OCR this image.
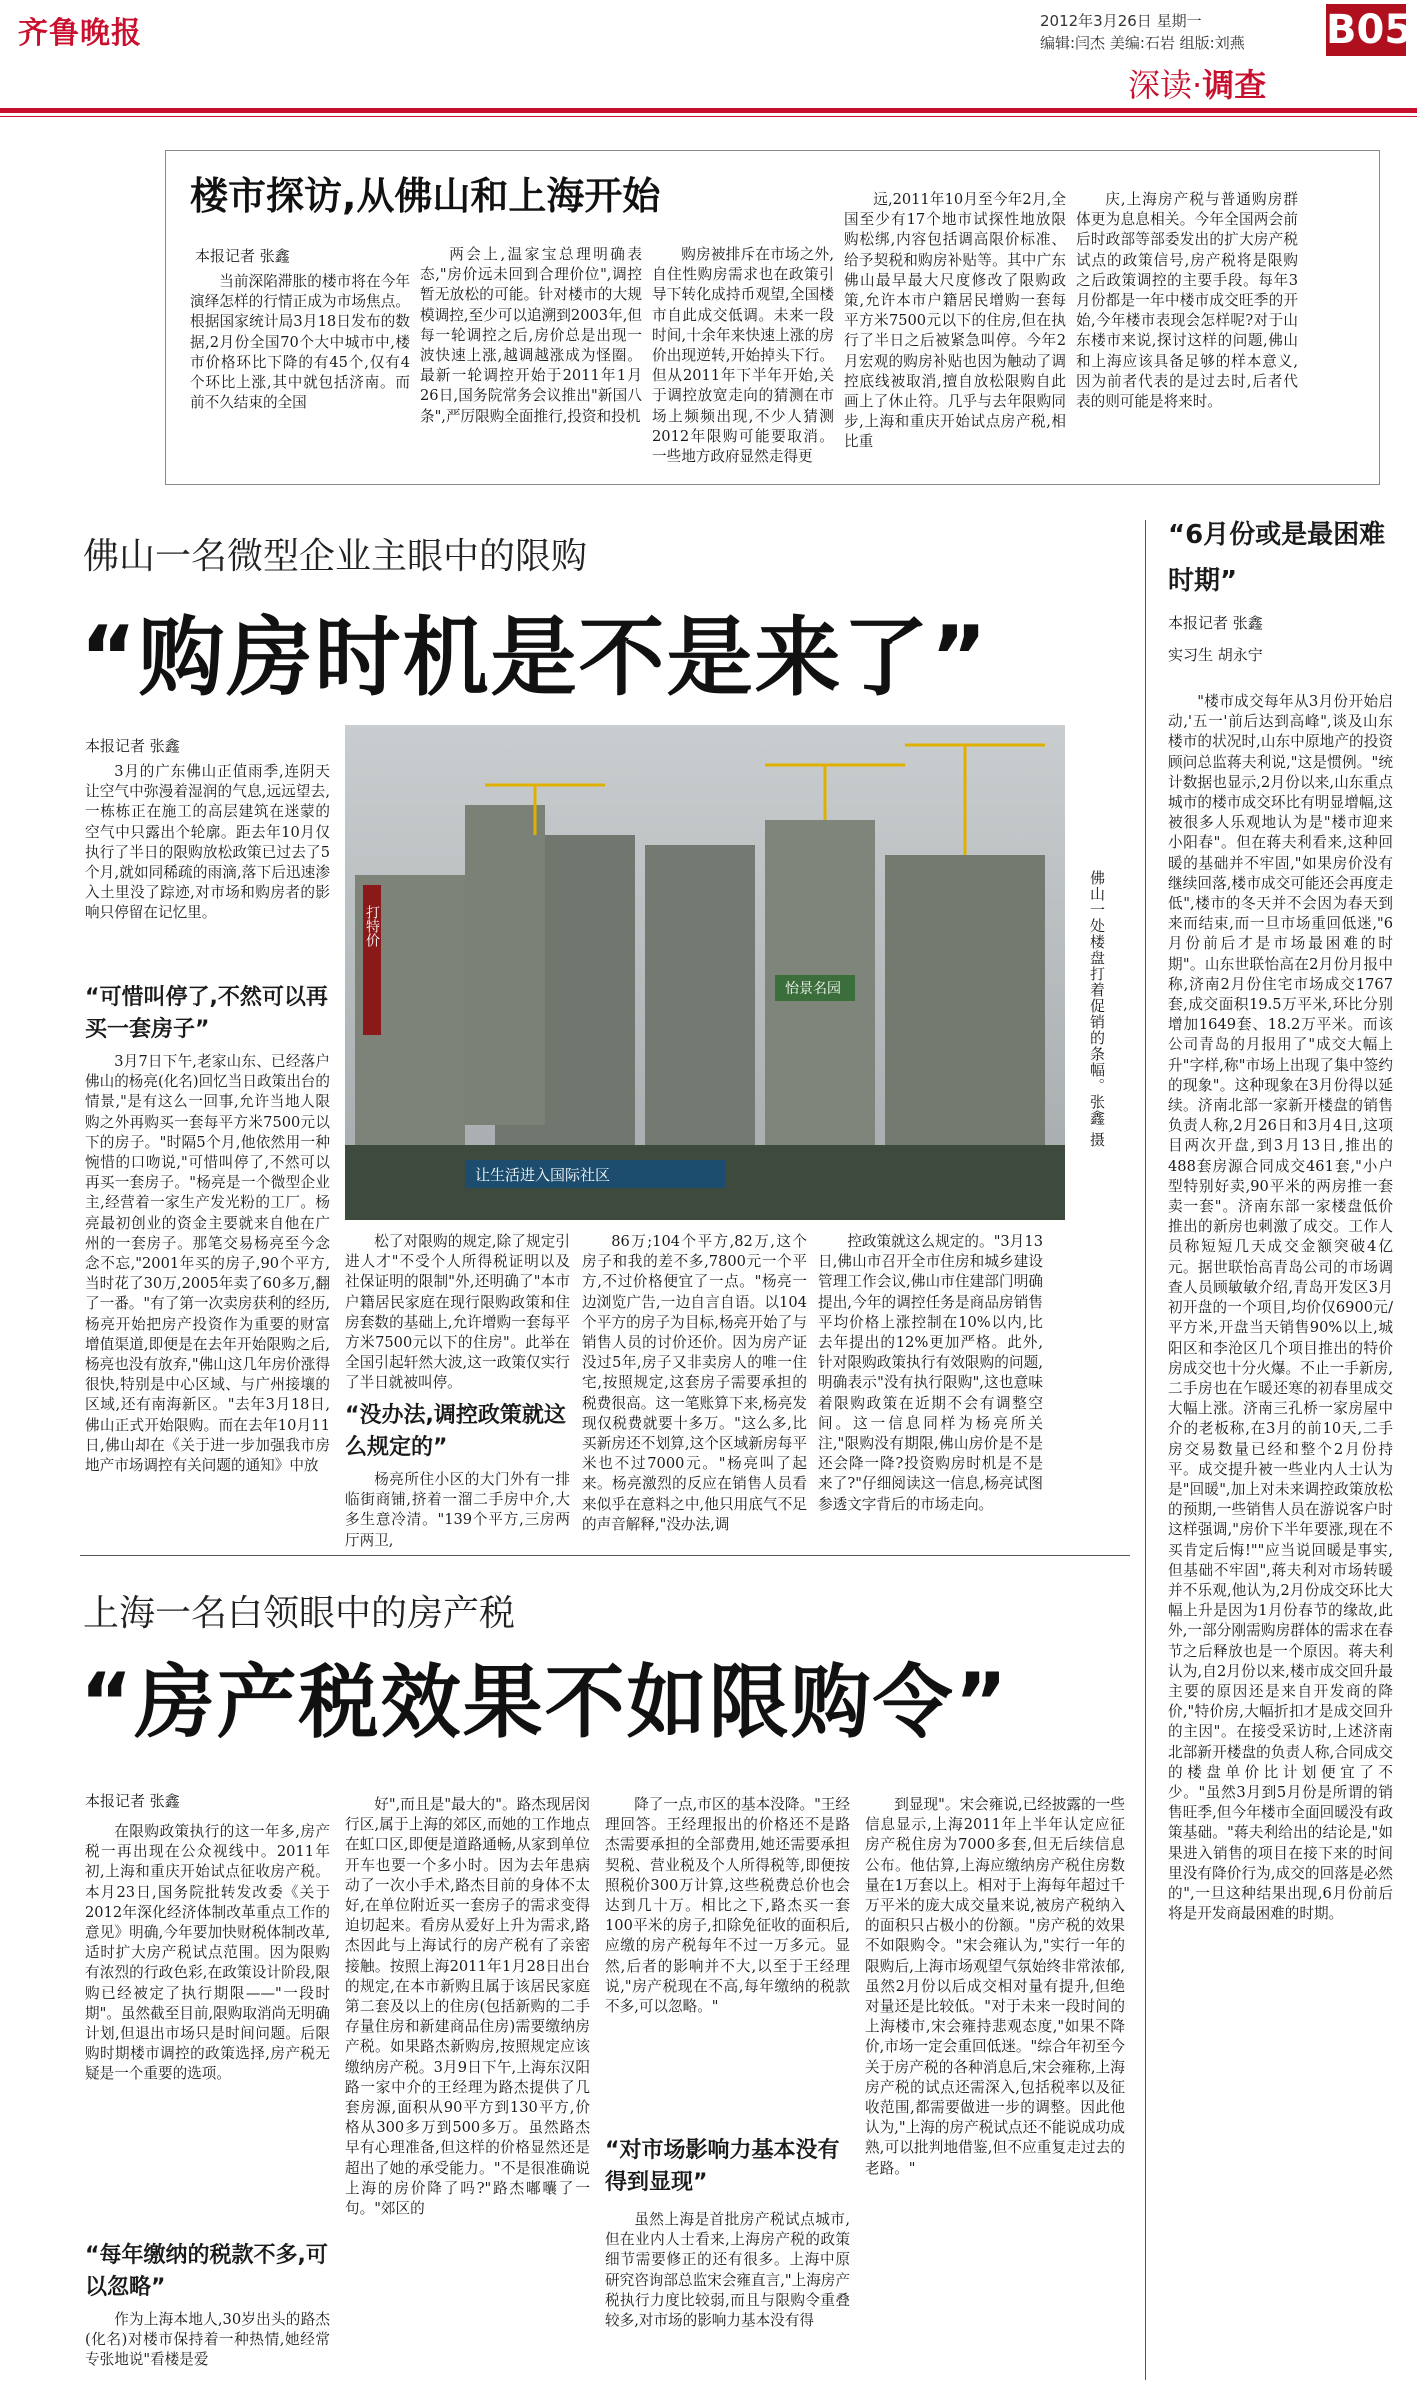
齐鲁晚报	2012年3月26日 星期一
编辑:闫杰 美编:石岩 组版:刘燕 B05
深读·调查
楼市探访,从佛山和上海开始
本报记者 张鑫

当前深陷滞胀的楼市将在今年演绎怎样的行情正成为市场焦点。根据国家统计局3月18日发布的数据,2月份全国70个大中城市中,楼市价格环比下降的有45个,仅有4个环比上涨,其中就包括济南。而前不久结束的全国

两会上,温家宝总理明确表态,"房价远未回到合理价位",调控暂无放松的可能。针对楼市的大规模调控,至少可以追溯到2003年,但每一轮调控之后,房价总是出现一波快速上涨,越调越涨成为怪圈。最新一轮调控开始于2011年1月26日,国务院常务会议推出"新国八条",严厉限购全面推行,投资和投机

购房被排斥在市场之外,自住性购房需求也在政策引导下转化成持币观望,全国楼市自此成交低调。未来一段时间,十余年来快速上涨的房价出现逆转,开始掉头下行。但从2011年下半年开始,关于调控放宽走向的猜测在市场上频频出现,不少人猜测2012年限购可能要取消。一些地方政府显然走得更

远,2011年10月至今年2月,全国至少有17个地市试探性地放限购松绑,内容包括调高限价标准、给予契税和购房补贴等。其中广东佛山最早最大尺度修改了限购政策,允许本市户籍居民增购一套每平方米7500元以下的住房,但在执行了半日之后被紧急叫停。今年2月宏观的购房补贴也因为触动了调控底线被取消,擅自放松限购自此画上了休止符。几乎与去年限购同步,上海和重庆开始试点房产税,相比重

庆,上海房产税与普通购房群体更为息息相关。今年全国两会前后时政部等部委发出的扩大房产税试点的政策信号,房产税将是限购之后政策调控的主要手段。每年3月份都是一年中楼市成交旺季的开始,今年楼市表现会怎样呢?对于山东楼市来说,探讨这样的问题,佛山和上海应该具备足够的样本意义,因为前者代表的是过去时,后者代表的则可能是将来时。

佛山一名微型企业主眼中的限购
“购房时机是不是来了”
本报记者 张鑫

3月的广东佛山正值雨季,连阴天让空气中弥漫着湿润的气息,远远望去,一栋栋正在施工的高层建筑在迷蒙的空气中只露出个轮廓。距去年10月仅执行了半日的限购放松政策已过去了5个月,就如同稀疏的雨滴,落下后迅速渗入土里没了踪迹,对市场和购房者的影响只停留在记忆里。

“可惜叫停了,不然可以再买一套房子”

3月7日下午,老家山东、已经落户佛山的杨亮(化名)回忆当日政策出台的情景,"是有这么一回事,允许当地人限购之外再购买一套每平方米7500元以下的房子。"时隔5个月,他依然用一种惋惜的口吻说,"可惜叫停了,不然可以再买一套房子。"杨亮是一个微型企业主,经营着一家生产发光粉的工厂。杨亮最初创业的资金主要就来自他在广州的一套房子。那笔交易杨亮至今念念不忘,"2001年买的房子,90个平方,当时花了30万,2005年卖了60多万,翻了一番。"有了第一次卖房获利的经历,杨亮开始把房产投资作为重要的财富增值渠道,即便是在去年开始限购之后,杨亮也没有放弃,"佛山这几年房价涨得很快,特别是中心区域、与广州接壤的区域,还有南海新区。"去年3月18日,佛山正式开始限购。而在去年10月11日,佛山却在《关于进一步加强我市房地产市场调控有关问题的通知》中放

打特价
怡景名园
让生活进入国际社区
佛山一处楼盘打着促销的条幅。张鑫 摄

松了对限购的规定,除了规定引进人才"不受个人所得税证明以及社保证明的限制"外,还明确了"本市户籍居民家庭在现行限购政策和住房套数的基础上,允许增购一套每平方米7500元以下的住房"。此举在全国引起轩然大波,这一政策仅实行了半日就被叫停。

“没办法,调控政策就这么规定的”

杨亮所住小区的大门外有一排临街商铺,挤着一溜二手房中介,大多生意冷清。"139个平方,三房两厅两卫,

86万;104个平方,82万,这个房子和我的差不多,7800元一个平方,不过价格便宜了一点。"杨亮一边浏览广告,一边自言自语。以104个平方的房子为目标,杨亮开始了与销售人员的讨价还价。因为房产证没过5年,房子又非卖房人的唯一住宅,按照规定,这套房子需要承担的税费很高。这一笔账算下来,杨亮发现仅税费就要十多万。"这么多,比买新房还不划算,这个区域新房每平米也不过7000元。"杨亮叫了起来。杨亮激烈的反应在销售人员看来似乎在意料之中,他只用底气不足的声音解释,"没办法,调

控政策就这么规定的。"3月13日,佛山市召开全市住房和城乡建设管理工作会议,佛山市住建部门明确提出,今年的调控任务是商品房销售平均价格上涨控制在10%以内,比去年提出的12%更加严格。此外,针对限购政策执行有效限购的问题,明确表示"没有执行限购",这也意味着限购政策在近期不会有调整空间。这一信息同样为杨亮所关注,"限购没有期限,佛山房价是不是还会降一降?投资购房时机是不是来了?"仔细阅读这一信息,杨亮试图参透文字背后的市场走向。

“6月份或是最困难时期”
本报记者 张鑫
实习生 胡永宁

"楼市成交每年从3月份开始启动,'五一'前后达到高峰",谈及山东楼市的状况时,山东中原地产的投资顾问总监蒋夫利说,"这是惯例。"统计数据也显示,2月份以来,山东重点城市的楼市成交环比有明显增幅,这被很多人乐观地认为是"楼市迎来小阳春"。但在蒋夫利看来,这种回暖的基础并不牢固,"如果房价没有继续回落,楼市成交可能还会再度走低",楼市的冬天并不会因为春天到来而结束,而一旦市场重回低迷,"6月份前后才是市场最困难的时期"。山东世联怡高在2月份月报中称,济南2月份住宅市场成交1767套,成交面积19.5万平米,环比分别增加1649套、18.2万平米。而该公司青岛的月报用了"成交大幅上升"字样,称"市场上出现了集中签约的现象"。这种现象在3月份得以延续。济南北部一家新开楼盘的销售负责人称,2月26日和3月4日,这项目两次开盘,到3月13日,推出的488套房源合同成交461套,"小户型特别好卖,90平米的两房推一套卖一套"。济南东部一家楼盘低价推出的新房也刺激了成交。工作人员称短短几天成交金额突破4亿元。据世联怡高青岛公司的市场调查人员顾敏敏介绍,青岛开发区3月初开盘的一个项目,均价仅6900元/平方米,开盘当天销售90%以上,城阳区和李沧区几个项目推出的特价房成交也十分火爆。不止一手新房,二手房也在乍暖还寒的初春里成交大幅上涨。济南三孔桥一家房屋中介的老板称,在3月的前10天,二手房交易数量已经和整个2月份持平。成交提升被一些业内人士认为是"回暖",加上对未来调控政策放松的预期,一些销售人员在游说客户时这样强调,"房价下半年要涨,现在不买肯定后悔!""应当说回暖是事实,但基础不牢固",蒋夫利对市场转暖并不乐观,他认为,2月份成交环比大幅上升是因为1月份春节的缘故,此外,一部分刚需购房群体的需求在春节之后释放也是一个原因。蒋夫利认为,自2月份以来,楼市成交回升最主要的原因还是来自开发商的降价,"特价房,大幅折扣才是成交回升的主因"。在接受采访时,上述济南北部新开楼盘的负责人称,合同成交的楼盘单价比计划便宜了不少。"虽然3月到5月份是所谓的销售旺季,但今年楼市全面回暖没有政策基础。"蒋夫利给出的结论是,"如果进入销售的项目在接下来的时间里没有降价行为,成交的回落是必然的",一旦这种结果出现,6月份前后将是开发商最困难的时期。

上海一名白领眼中的房产税
“房产税效果不如限购令”
本报记者 张鑫

在限购政策执行的这一年多,房产税一再出现在公众视线中。2011年初,上海和重庆开始试点征收房产税。本月23日,国务院批转发改委《关于2012年深化经济体制改革重点工作的意见》明确,今年要加快财税体制改革,适时扩大房产税试点范围。因为限购有浓烈的行政色彩,在政策设计阶段,限购已经被定了执行期限——"一段时期"。虽然截至目前,限购取消尚无明确计划,但退出市场只是时间问题。后限购时期楼市调控的政策选择,房产税无疑是一个重要的选项。

“每年缴纳的税款不多,可以忽略”

作为上海本地人,30岁出头的路杰(化名)对楼市保持着一种热情,她经常专张地说"看楼是爱

好",而且是"最大的"。路杰现居闵行区,属于上海的郊区,而她的工作地点在虹口区,即便是道路通畅,从家到单位开车也要一个多小时。因为去年患病动了一次小手术,路杰目前的身体不太好,在单位附近买一套房子的需求变得迫切起来。看房从爱好上升为需求,路杰因此与上海试行的房产税有了亲密接触。按照上海2011年1月28日出台的规定,在本市新购且属于该居民家庭第二套及以上的住房(包括新购的二手存量住房和新建商品住房)需要缴纳房产税。如果路杰新购房,按照规定应该缴纳房产税。3月9日下午,上海东汉阳路一家中介的王经理为路杰提供了几套房源,面积从90平方到130平方,价格从300多万到500多万。虽然路杰早有心理准备,但这样的价格显然还是超出了她的承受能力。"不是很准确说上海的房价降了吗?"路杰嘟囔了一句。"郊区的

降了一点,市区的基本没降。"王经理回答。王经理报出的价格还不是路杰需要承担的全部费用,她还需要承担契税、营业税及个人所得税等,即便按照税价300万计算,这些税费总价也会达到几十万。相比之下,路杰买一套100平米的房子,扣除免征收的面积后,应缴的房产税每年不过一万多元。显然,后者的影响并不大,以至于王经理说,"房产税现在不高,每年缴纳的税款不多,可以忽略。"

“对市场影响力基本没有得到显现”

虽然上海是首批房产税试点城市,但在业内人士看来,上海房产税的政策细节需要修正的还有很多。上海中原研究咨询部总监宋会雍直言,"上海房产税执行力度比较弱,而且与限购令重叠较多,对市场的影响力基本没有得

到显现"。宋会雍说,已经披露的一些信息显示,上海2011年上半年认定应征房产税住房为7000多套,但无后续信息公布。他估算,上海应缴纳房产税住房数量在1万套以上。相对于上海每年超过千万平米的庞大成交量来说,被房产税纳入的面积只占极小的份额。"房产税的效果不如限购令。"宋会雍认为,"实行一年的限购后,上海市场观望气氛始终非常浓郁,虽然2月份以后成交相对量有提升,但绝对量还是比较低。"对于未来一段时间的上海楼市,宋会雍持悲观态度,"如果不降价,市场一定会重回低迷。"综合年初至今关于房产税的各种消息后,宋会雍称,上海房产税的试点还需深入,包括税率以及征收范围,都需要做进一步的调整。因此他认为,"上海的房产税试点还不能说成功成熟,可以批判地借鉴,但不应重复走过去的老路。"
